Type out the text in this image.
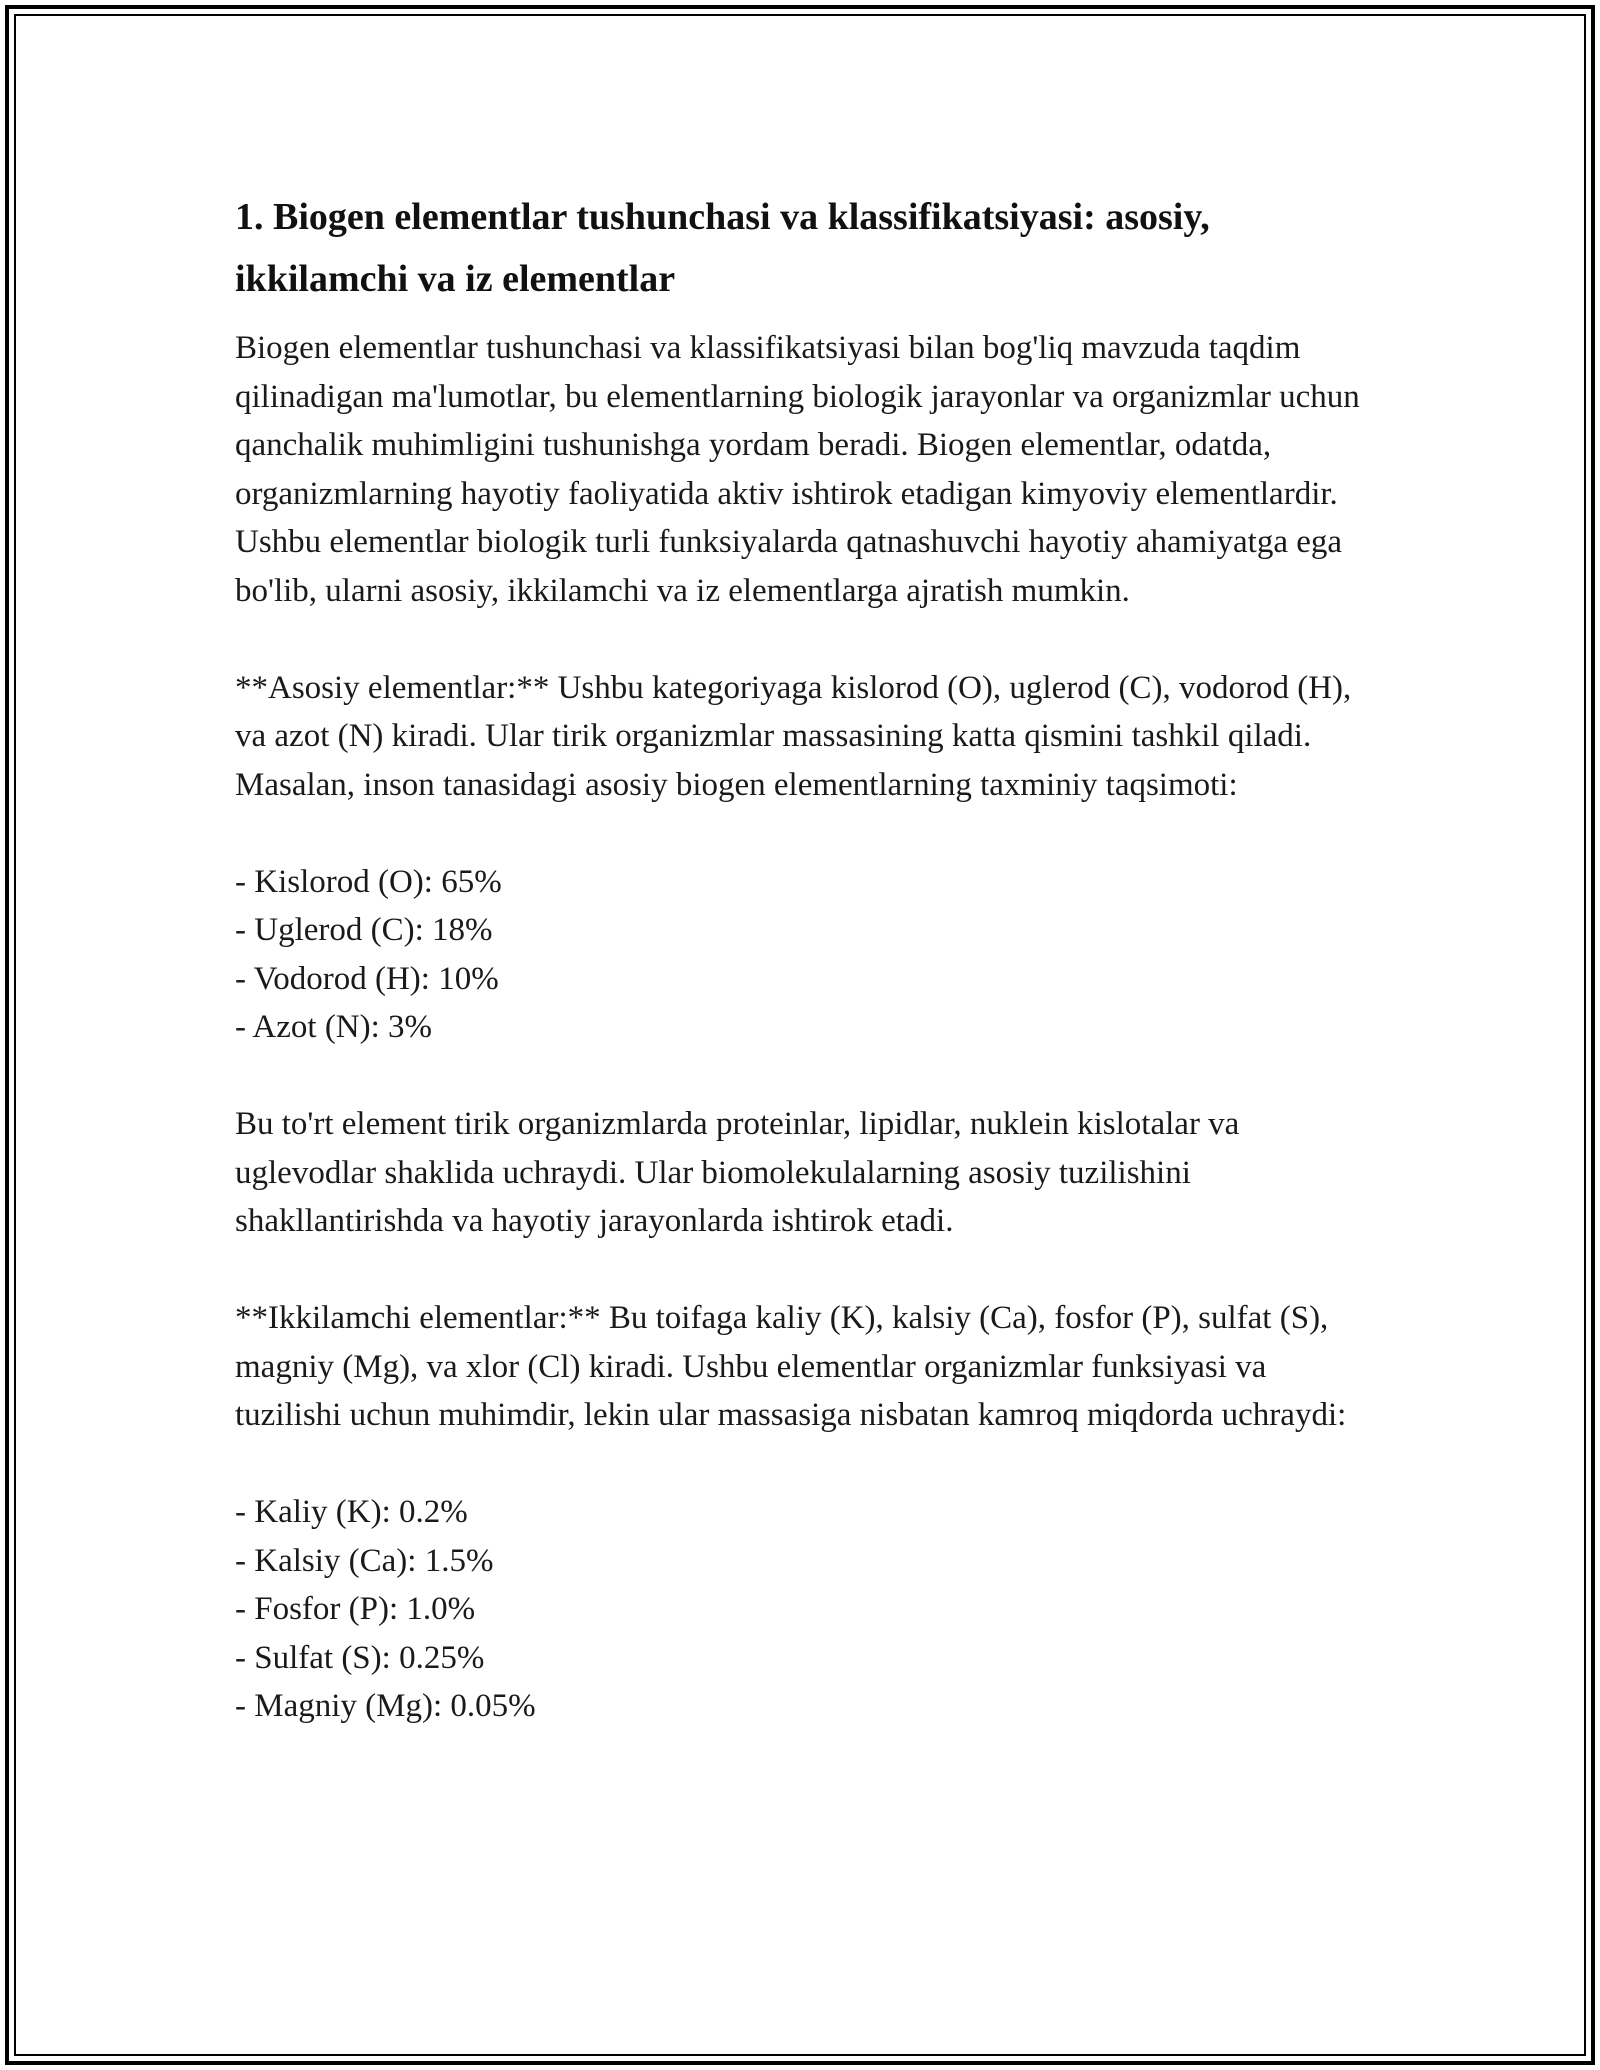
1. Biogen elementlar tushunchasi va klassifikatsiyasi: asosiy, ikkilamchi va iz elementlar

Biogen elementlar tushunchasi va klassifikatsiyasi bilan bog'liq mavzuda taqdim qilinadigan ma'lumotlar, bu elementlarning biologik jarayonlar va organizmlar uchun qanchalik muhimligini tushunishga yordam beradi. Biogen elementlar, odatda, organizmlarning hayotiy faoliyatida aktiv ishtirok etadigan kimyoviy elementlardir. Ushbu elementlar biologik turli funksiyalarda qatnashuvchi hayotiy ahamiyatga ega bo'lib, ularni asosiy, ikkilamchi va iz elementlarga ajratish mumkin.

**Asosiy elementlar:** Ushbu kategoriyaga kislorod (O), uglerod (C), vodorod (H), va azot (N) kiradi. Ular tirik organizmlar massasining katta qismini tashkil qiladi. Masalan, inson tanasidagi asosiy biogen elementlarning taxminiy taqsimoti:

- Kislorod (O): 65%
- Uglerod (C): 18%
- Vodorod (H): 10%
- Azot (N): 3%

Bu to'rt element tirik organizmlarda proteinlar, lipidlar, nuklein kislotalar va uglevodlar shaklida uchraydi. Ular biomolekulalarning asosiy tuzilishini shakllantirishda va hayotiy jarayonlarda ishtirok etadi.

**Ikkilamchi elementlar:** Bu toifaga kaliy (K), kalsiy (Ca), fosfor (P), sulfat (S), magniy (Mg), va xlor (Cl) kiradi. Ushbu elementlar organizmlar funksiyasi va tuzilishi uchun muhimdir, lekin ular massasiga nisbatan kamroq miqdorda uchraydi:

- Kaliy (K): 0.2%
- Kalsiy (Ca): 1.5%
- Fosfor (P): 1.0%
- Sulfat (S): 0.25%
- Magniy (Mg): 0.05%
